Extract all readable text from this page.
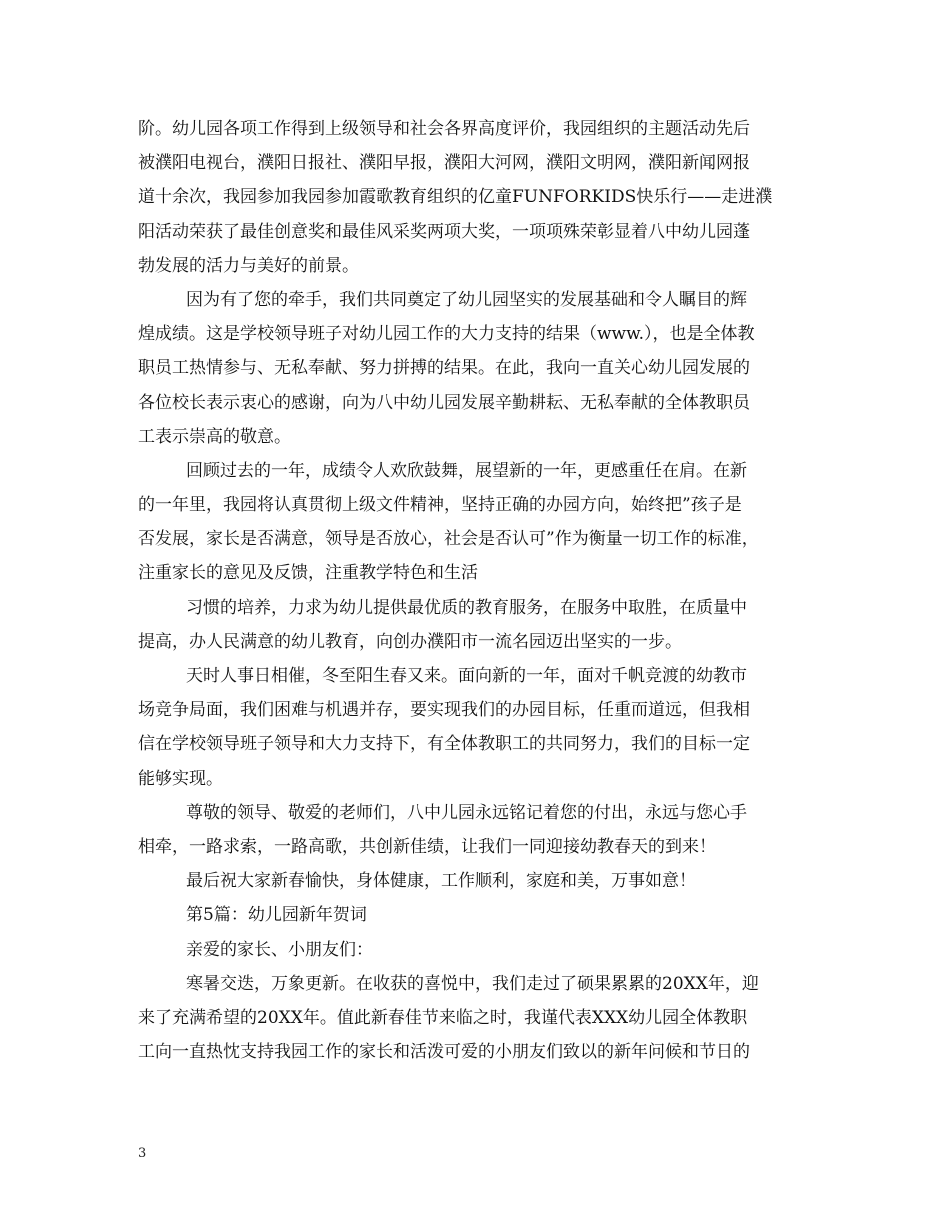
阶。幼儿园各项工作得到上级领导和社会各界高度评价，我园组织的主题活动先后
被濮阳电视台，濮阳日报社、濮阳早报，濮阳大河网，濮阳文明网，濮阳新闻网报
道十余次，我园参加我园参加霞歌教育组织的亿童FUNFORKIDS快乐行——走进濮
阳活动荣获了最佳创意奖和最佳风采奖两项大奖，一项项殊荣彰显着八中幼儿园蓬
勃发展的活力与美好的前景。
因为有了您的牵手，我们共同奠定了幼儿园坚实的发展基础和令人瞩目的辉
煌成绩。这是学校领导班子对幼儿园工作的大力支持的结果（www.），也是全体教
职员工热情参与、无私奉献、努力拼搏的结果。在此，我向一直关心幼儿园发展的
各位校长表示衷心的感谢，向为八中幼儿园发展辛勤耕耘、无私奉献的全体教职员
工表示崇高的敬意。
回顾过去的一年，成绩令人欢欣鼓舞，展望新的一年，更感重任在肩。在新
的一年里，我园将认真贯彻上级文件精神，坚持正确的办园方向，始终把”孩子是
否发展，家长是否满意，领导是否放心，社会是否认可”作为衡量一切工作的标准，
注重家长的意见及反馈，注重教学特色和生活
习惯的培养，力求为幼儿提供最优质的教育服务，在服务中取胜，在质量中
提高，办人民满意的幼儿教育，向创办濮阳市一流名园迈出坚实的一步。
天时人事日相催，冬至阳生春又来。面向新的一年，面对千帆竞渡的幼教市
场竞争局面，我们困难与机遇并存，要实现我们的办园目标，任重而道远，但我相
信在学校领导班子领导和大力支持下，有全体教职工的共同努力，我们的目标一定
能够实现。
尊敬的领导、敬爱的老师们，八中儿园永远铭记着您的付出，永远与您心手
相牵，一路求索，一路高歌，共创新佳绩，让我们一同迎接幼教春天的到来！
最后祝大家新春愉快，身体健康，工作顺利，家庭和美，万事如意！
第5篇：幼儿园新年贺词
亲爱的家长、小朋友们：
寒暑交迭，万象更新。在收获的喜悦中，我们走过了硕果累累的20XX年，迎
来了充满希望的20XX年。值此新春佳节来临之时，我谨代表XXX幼儿园全体教职
工向一直热忱支持我园工作的家长和活泼可爱的小朋友们致以的新年问候和节日的
3
